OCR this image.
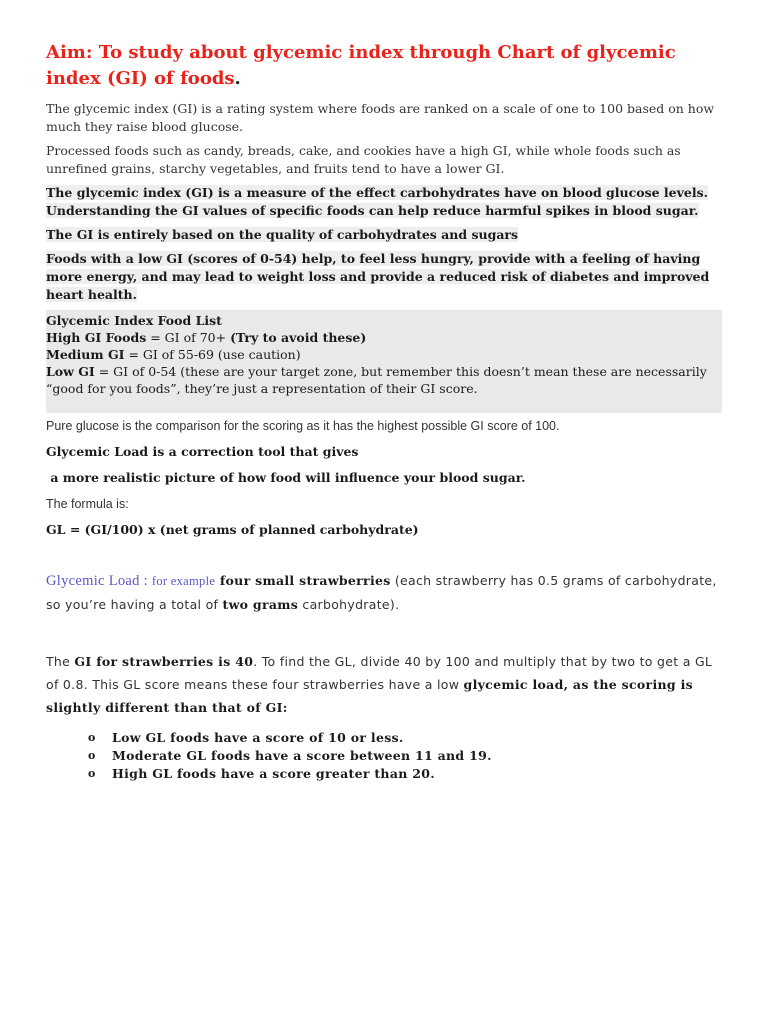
Aim: To study about glycemic index through Chart of glycemic index (GI) of foods.

The glycemic index (GI) is a rating system where foods are ranked on a scale of one to 100 based on how much they raise blood glucose.

Processed foods such as candy, breads, cake, and cookies have a high GI, while whole foods such as unrefined grains, starchy vegetables, and fruits tend to have a lower GI.

The glycemic index (GI) is a measure of the effect carbohydrates have on blood glucose levels. Understanding the GI values of specific foods can help reduce harmful spikes in blood sugar.

The GI is entirely based on the quality of carbohydrates and sugars

Foods with a low GI (scores of 0-54) help, to feel less hungry, provide with a feeling of having more energy, and may lead to weight loss and provide a reduced risk of diabetes and improved heart health.

Glycemic Index Food List
High GI Foods = GI of 70+ (Try to avoid these)
Medium GI = GI of 55-69 (use caution)
Low GI = GI of 0-54 (these are your target zone, but remember this doesn’t mean these are necessarily “good for you foods”, they’re just a representation of their GI score.

Pure glucose is the comparison for the scoring as it has the highest possible GI score of 100.

Glycemic Load is a correction tool that gives

a more realistic picture of how food will influence your blood sugar.

The formula is:

GL = (GI/100) x (net grams of planned carbohydrate)

Glycemic Load : for example four small strawberries (each strawberry has 0.5 grams of carbohydrate, so you’re having a total of two grams carbohydrate).

The GI for strawberries is 40. To find the GL, divide 40 by 100 and multiply that by two to get a GL of 0.8. This GL score means these four strawberries have a low glycemic load, as the scoring is slightly different than that of GI:

o Low GL foods have a score of 10 or less.
o Moderate GL foods have a score between 11 and 19.
o High GL foods have a score greater than 20.
